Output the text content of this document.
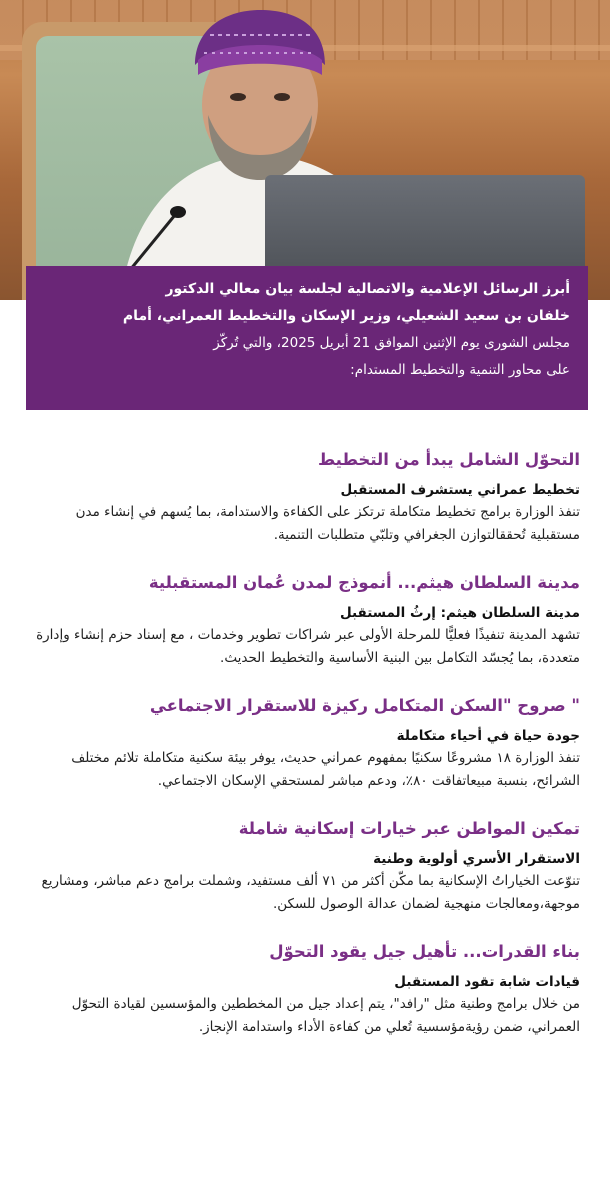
أبرز الرسائل الإعلامية والاتصالية لجلسة بيان معالي الدكتور

خلفان بن سعيد الشعيلي، وزير الإسكان والتخطيط العمراني، أمام

مجلس الشورى يوم الإثنين الموافق 21 أبريل 2025، والتي تُركّز

على محاور التنمية والتخطيط المستدام:

التحوّل الشامل يبدأ من التخطيط
تخطيط عمراني يستشرف المستقبل
تنفذ الوزارة برامج تخطيط متكاملة ترتكز على الكفاءة والاستدامة، بما يُسهم في إنشاء مدن مستقبلية تُحققالتوازن الجغرافي وتلبّي متطلبات التنمية.
مدينة السلطان هيثم... أنموذج لمدن عُمان المستقبلية
مدينة السلطان هيثم: إرثُ المستقبل
تشهد المدينة تنفيذًا فعليًّا للمرحلة الأولى عبر شراكات تطوير وخدمات ، مع إسناد حزم إنشاء وإدارة متعددة، بما يُجسّد التكامل بين البنية الأساسية والتخطيط الحديث.
" صروح "السكن المتكامل ركيزة للاستقرار الاجتماعي
جودة حياة في أحياء متكاملة
تنفذ الوزارة ١٨ مشروعًا سكنيًا بمفهوم عمراني حديث، يوفر بيئة سكنية متكاملة تلائم مختلف الشرائح، بنسبة مبيعاتفاقت ٨٠٪، ودعم مباشر لمستحقي الإسكان الاجتماعي.
تمكين المواطن عبر خيارات إسكانية شاملة
الاستقرار الأسري أولوية وطنية
تنوّعت الخياراتُ الإسكانية بما مكّن أكثر من ٧١ ألف مستفيد، وشملت برامج دعم مباشر، ومشاريع موجهة،ومعالجات منهجية لضمان عدالة الوصول للسكن.
بناء القدرات... تأهيل جيل يقود التحوّل
قيادات شابة تقود المستقبل
من خلال برامج وطنية مثل "رافد"، يتم إعداد جيل من المخططين والمؤسسين لقيادة التحوّل العمراني، ضمن رؤيةمؤسسية تُعلي من كفاءة الأداء واستدامة الإنجاز.
